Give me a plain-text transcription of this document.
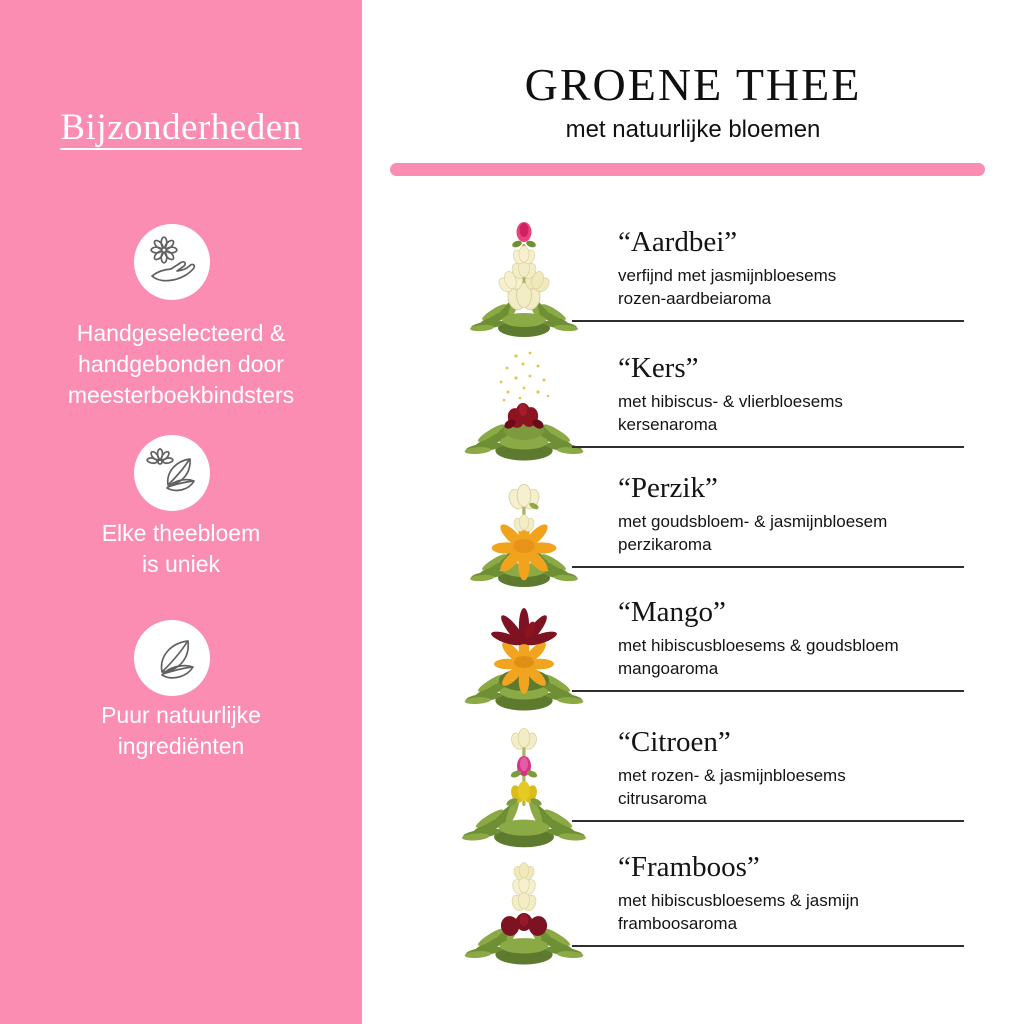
Bijzonderheden
Handgeselecteerd &
handgebonden door
meesterboekbindsters
Elke theebloem
is uniek
Puur natuurlijke
ingrediënten
GROENE THEE
met natuurlijke bloemen
“Aardbei”
verfijnd met jasmijnbloesems
rozen-aardbeiaroma
“Kers”
met hibiscus- & vlierbloesems
kersenaroma
“Perzik”
met goudsbloem- & jasmijnbloesem
perzikaroma
“Mango”
met hibiscusbloesems & goudsbloem
mangoaroma
“Citroen”
met rozen- & jasmijnbloesems
citrusaroma
“Framboos”
met hibiscusbloesems & jasmijn
framboosaroma
